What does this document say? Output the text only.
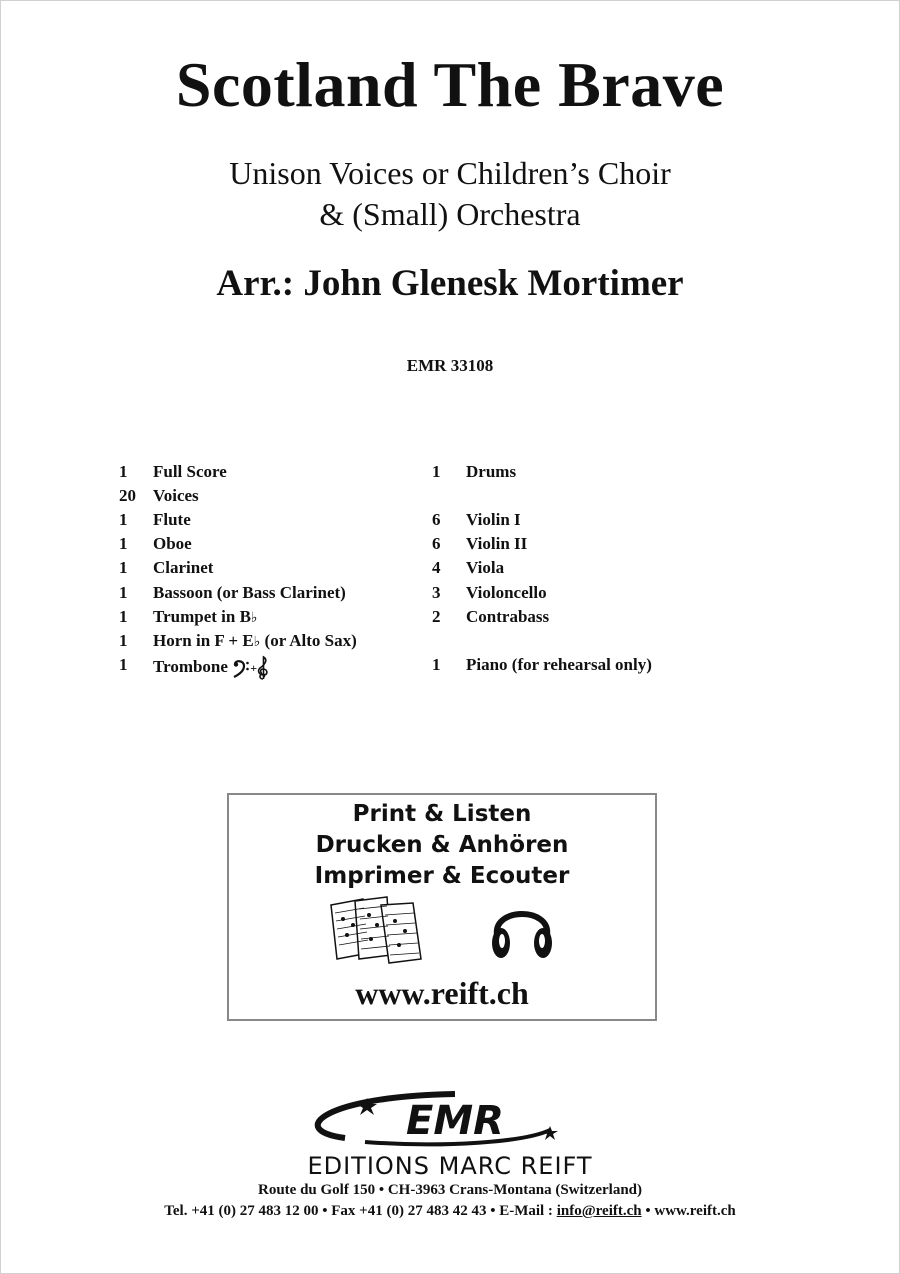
Scotland The Brave
Unison Voices or Children’s Choir
& (Small) Orchestra
Arr.: John Glenesk Mortimer
EMR 33108
1 Full Score
20 Voices
1 Flute
1 Oboe
1 Clarinet
1 Bassoon (or Bass Clarinet)
1 Trumpet in B♭
1 Horn in F + E♭ (or Alto Sax)
1 Trombone +
1 Drums
6 Violin I
6 Violin II
4 Viola
3 Violoncello
2 Contrabass
1 Piano (for rehearsal only)
Print & Listen
Drucken & Anhören
Imprimer & Ecouter
www.reift.ch
EMR
EDITIONS MARC REIFT
Route du Golf 150 • CH-3963 Crans-Montana (Switzerland)
Tel. +41 (0) 27 483 12 00 • Fax +41 (0) 27 483 42 43 • E-Mail : info@reift.ch • www.reift.ch
